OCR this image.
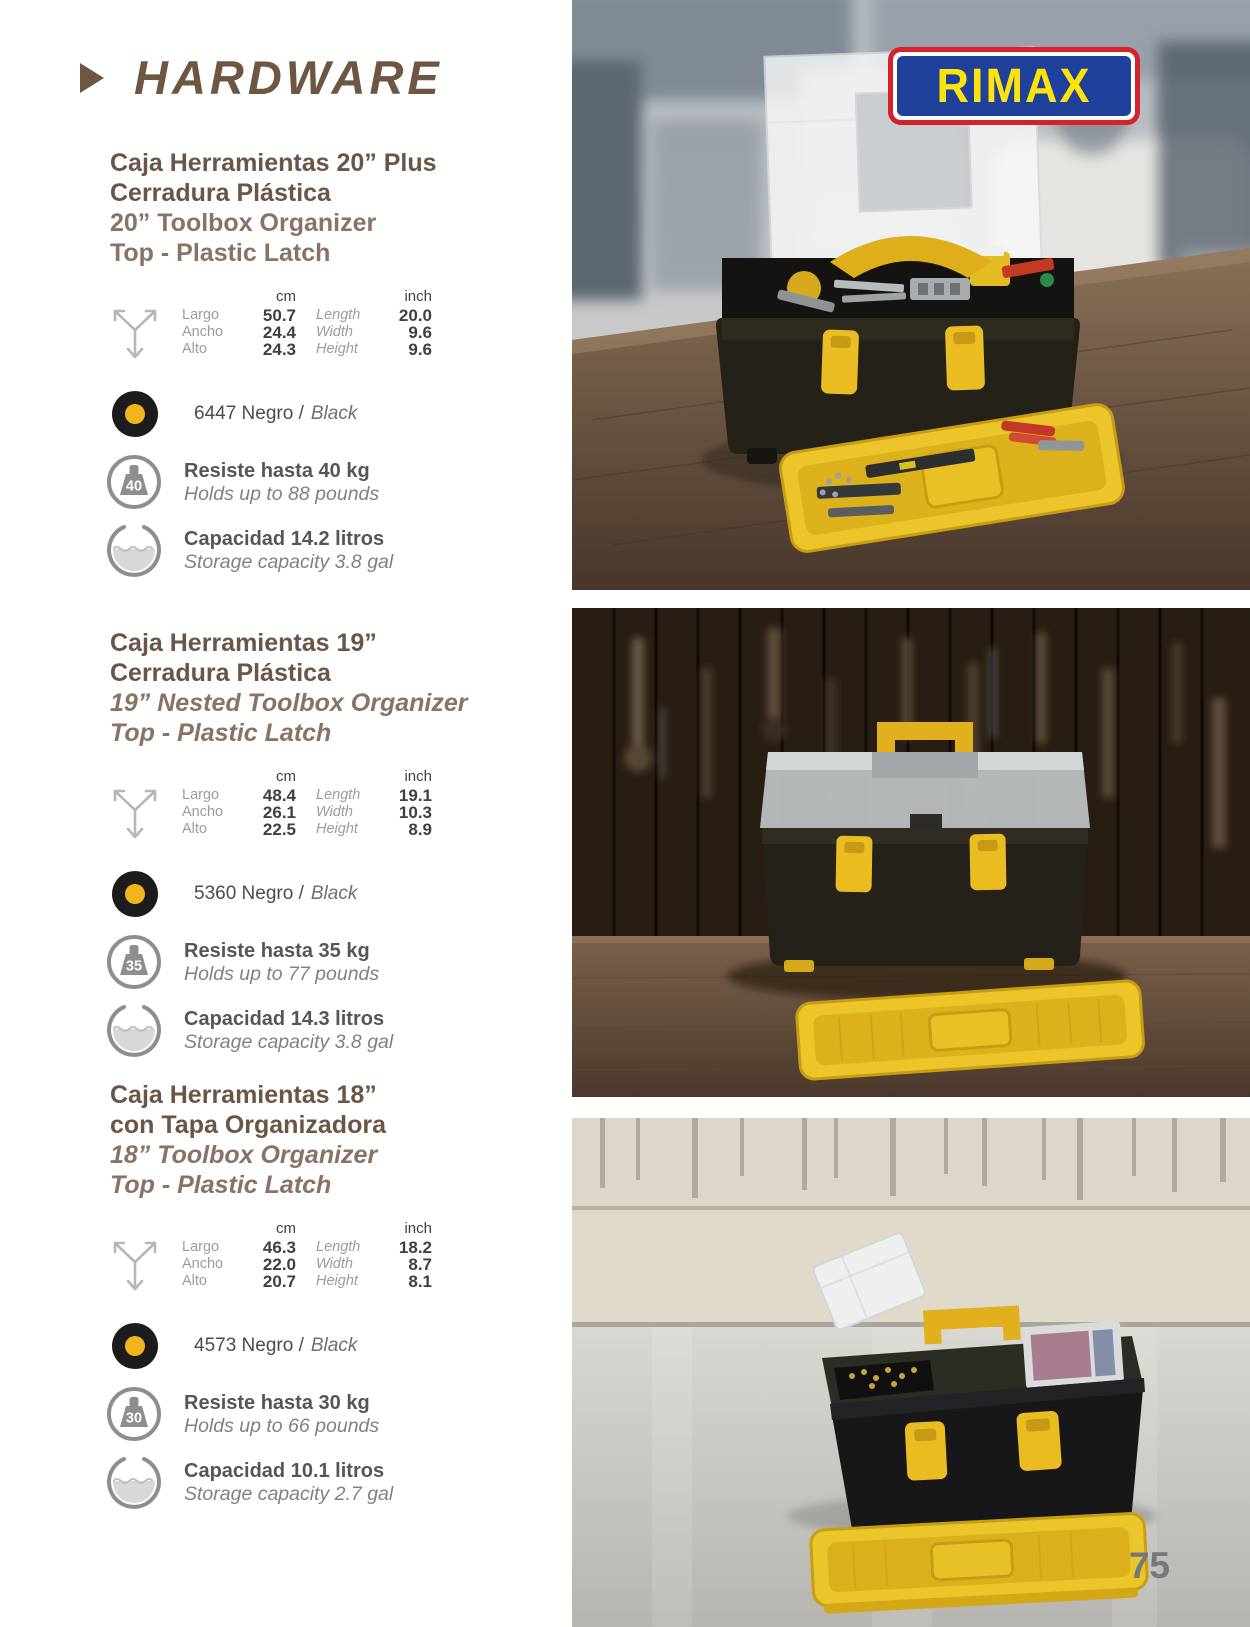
HARDWARE
Caja Herramientas 20” Plus
Cerradura Plástica
20” Toolbox Organizer
Top - Plastic Latch
cm	inch
Largo	50.7	Length	20.0
Ancho	24.4	Width	9.6
Alto	24.3	Height	9.6
6447 Negro / Black
40
Resiste hasta 40 kg
Holds up to 88 pounds
Capacidad 14.2 litros
Storage capacity 3.8 gal
Caja Herramientas 19”
Cerradura Plástica
19” Nested Toolbox Organizer
Top - Plastic Latch
cm	inch
Largo	48.4	Length	19.1
Ancho	26.1	Width	10.3
Alto	22.5	Height	8.9
5360 Negro / Black
35
Resiste hasta 35 kg
Holds up to 77 pounds
Capacidad 14.3 litros
Storage capacity 3.8 gal
Caja Herramientas 18”
con Tapa Organizadora
18” Toolbox Organizer
Top - Plastic Latch
cm	inch
Largo	46.3	Length	18.2
Ancho	22.0	Width	8.7
Alto	20.7	Height	8.1
4573 Negro / Black
30
Resiste hasta 30 kg
Holds up to 66 pounds
Capacidad 10.1 litros
Storage capacity 2.7 gal
RIMAX
75
